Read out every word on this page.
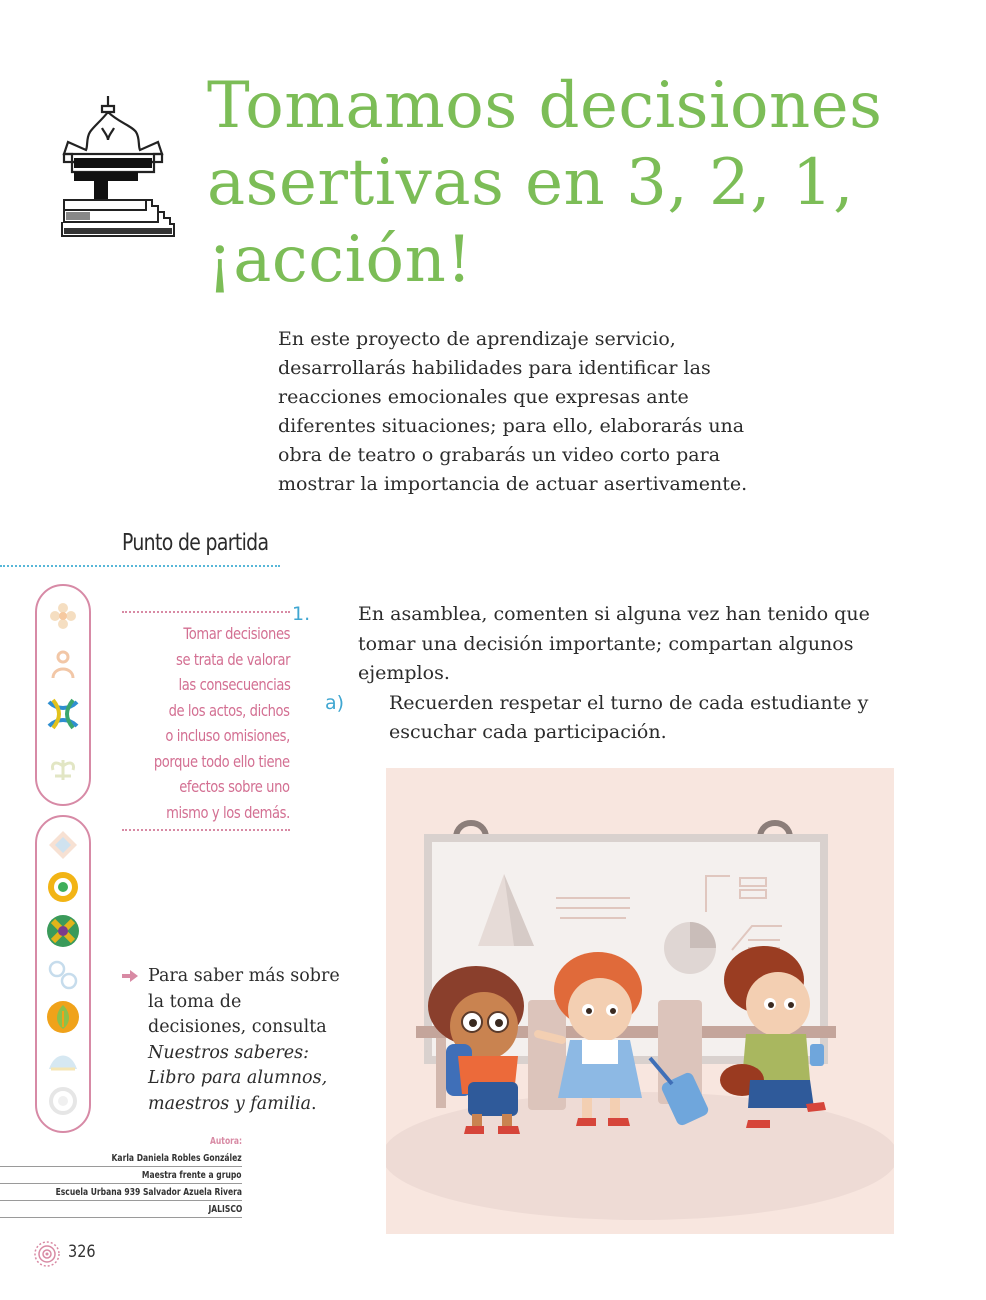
Tomamos decisiones
asertivas en 3, 2, 1,
¡acción!
En este proyecto de aprendizaje servicio,
desarrollarás habilidades para identificar las
reacciones emocionales que expresas ante
diferentes situaciones; para ello, elaborarás una
obra de teatro o grabarás un video corto para
mostrar la importancia de actuar asertivamente.
Punto de partida
Tomar decisiones
se trata de valorar
las consecuencias
de los actos, dichos
o incluso omisiones,
porque todo ello tiene
efectos sobre uno
mismo y los demás.
1.	En asamblea, comenten si alguna vez han tenido que tomar una decisión importante; compartan algunos ejemplos.
a) Recuerden respetar el turno de cada estudiante y escuchar cada participación.
Para saber más sobre la toma de decisiones, consulta Nuestros saberes: Libro para alumnos, maestros y familia.
Autora:
Karla Daniela Robles González
Maestra frente a grupo
Escuela Urbana 939 Salvador Azuela Rivera
JALISCO
326
